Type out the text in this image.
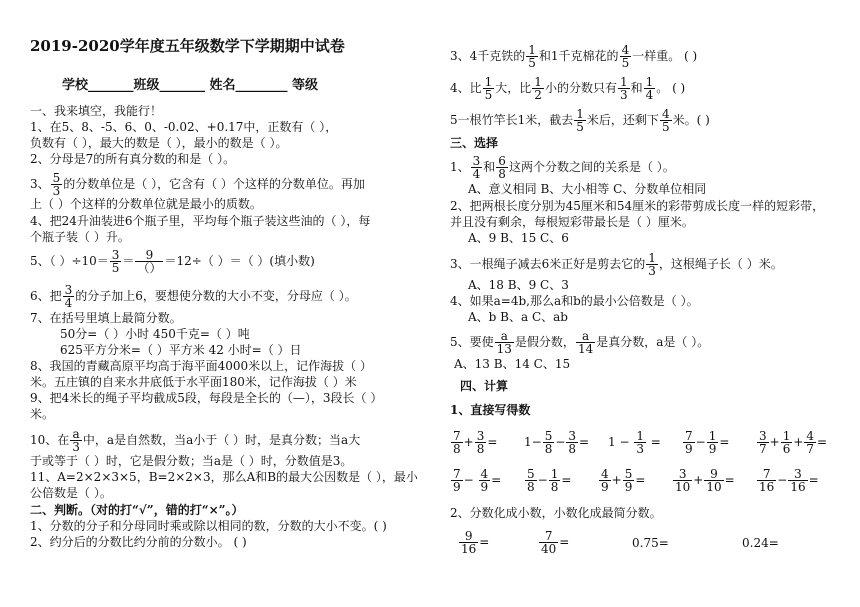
2019-2020学年度五年级数学下学期期中试卷
学校_______班级_______ 姓名________ 等级
一、我来填空，我能行！
1、在5、8、-5、6、0、-0.02、+0.17中，正数有（ ），
负数有（ ），最大的数是（ ），最小的数是（ ）。
2、分母是7的所有真分数的和是（ ）。
3、 $\frac{5}{3}$ 的分数单位是（ ），它含有（ ）个这样的分数单位。再加
上（ ）个这样的分数单位就是最小的质数。
4、把24升油装进6个瓶子里，平均每个瓶子装这些油的（ ），每
个瓶子装（ ）升。
5、（ ）$\div 10= \frac{3}{5} = 9$
（） ＝12÷（ ）＝（ ）(填小数)
6、把 $\frac{3}{4}$ 的分子加上6，要想使分数的大小不变，分母应（ ）。
7、在括号里填上最简分数。
50分=（ ）小时 450千克=（ ）吨
625平方分米=（ ）平方米 42 小时=（ ）日
8、我国的青藏高原平均高于海平面4000米以上，记作海拔（ ）
米。五庄镇的自来水井底低于水平面180米，记作海拔（ ）米
9、把4米长的绳子平均截成5段，每段是全长的（—），3段长（ ）
米。
10、在 $\frac{a}{3}$ 中，a是自然数，当a小于（ ）时，是真分数；当a大
于或等于（ ）时，它是假分数；当a是（ ）时，分数值是3。
11、A=2×2×3×5，B=2×2×3，那么A和B的最大公因数是（ ），最小
公倍数是（ ）。
二、判断。（对的打“√”，错的打“×”。）
1、分数的分子和分母同时乘或除以相同的数，分数的大小不变。( )
2、约分后的分数比约分前的分数小。 ( )
3、4千克铁的 $\frac{1}{5}$ 和1千克棉花的 $\frac{4}{5}$ 一样重。 ( )
4、比 $\frac{1}{5}$ 大，比 $\frac{1}{2}$ 小的分数只有 $\frac{1}{3}$ 和 $\frac{1}{4}$ 。 ( )
5一根竹竿长1米，截去 $\frac{1}{5}$ 米后，还剩下 $\frac{4}{5}$ 米。( )
三、选择
1、 $\frac{3}{4}$ 和 $\frac{6}{8}$ 这两个分数之间的关系是（ ）。
A、意义相同 B、大小相等 C、分数单位相同
2、把两根长度分别为45厘米和54厘米的彩带剪成长度一样的短彩带，
并且没有剩余，每根短彩带最长是（ ）厘米。
A、9 B、15 C、6
3、一根绳子减去6米正好是剪去它的 $\frac{1}{3}$ ，这根绳子长（ ）米。
A、18 B、9 C、3
4、如果a=4b,那么a和b的最小公倍数是（ ）。
A、b B、a C、ab
5、要使 $\frac{a}{13}$ 是假分数， $\frac{a}{14}$ 是真分数，a是（ ）。
A、13 B、14 C、15
四、计算
1、直接写得数
$\frac{7}{8} + \frac{3}{8} = 1- \frac{5}{8} - \frac{3}{8} = 1 - \frac{1}{3} = \frac{7}{9} - \frac{1}{9} = \frac{3}{7} + \frac{1}{6} + \frac{4}{7}$ =
$\frac{7}{9} - \frac{4}{9} = \frac{5}{8} - \frac{1}{8} = \frac{4}{9} + \frac{5}{9} = \frac{3}{10} + \frac{9}{10} = \frac{7}{16} - \frac{3}{16}$ =
2、分数化成小数，小数化成最简分数。
$\frac{9}{16}$ =	$\frac{7}{40}$ =	0.75=	0.24=
